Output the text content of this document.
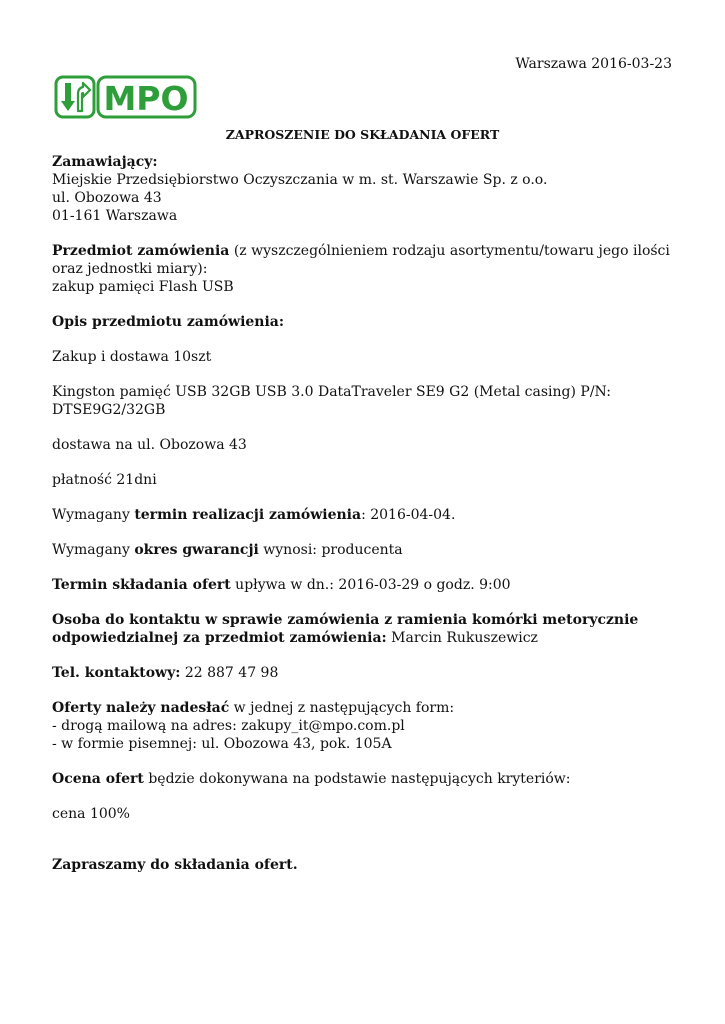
Warszawa 2016-03-23
MPO
ZAPROSZENIE DO SKŁADANIA OFERT

Zamawiający:

Miejskie Przedsiębiorstwo Oczyszczania w m. st. Warszawie Sp. z o.o.

ul. Obozowa 43

01-161 Warszawa

Przedmiot zamówienia (z wyszczególnieniem rodzaju asortymentu/towaru jego ilości oraz jednostki miary):

zakup pamięci Flash USB

Opis przedmiotu zamówienia:

Zakup i dostawa 10szt

Kingston pamięć USB 32GB USB 3.0 DataTraveler SE9 G2 (Metal casing) P/N: DTSE9G2/32GB

dostawa na ul. Obozowa 43

płatność 21dni

Wymagany termin realizacji zamówienia: 2016-04-04.

Wymagany okres gwarancji wynosi: producenta

Termin składania ofert upływa w dn.: 2016-03-29 o godz. 9:00

Osoba do kontaktu w sprawie zamówienia z ramienia komórki metorycznie odpowiedzialnej za przedmiot zamówienia: Marcin Rukuszewicz

Tel. kontaktowy: 22 887 47 98

Oferty należy nadesłać w jednej z następujących form:

- drogą mailową na adres: zakupy_it@mpo.com.pl

- w formie pisemnej: ul. Obozowa 43, pok. 105A

Ocena ofert będzie dokonywana na podstawie następujących kryteriów:

cena 100%

Zapraszamy do składania ofert.
